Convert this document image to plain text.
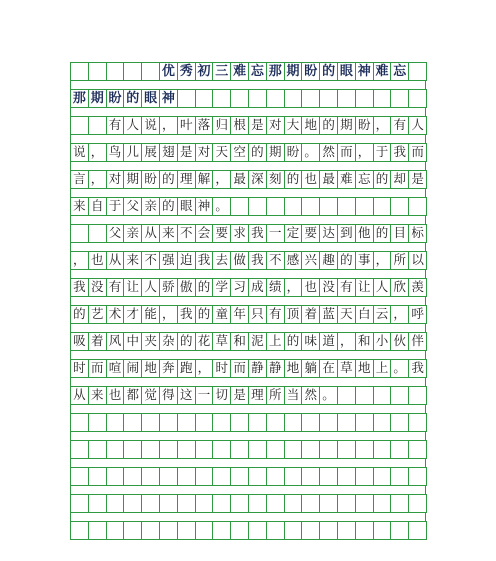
优 秀 初 三 难 忘 那 期 盼 的 眼 神 难 忘
那 期 盼 的 眼 神
有 人 说 ， 叶 落 归 根 是 对 大 地 的 期 盼 ， 有 人
说 ， 鸟 儿 展 翅 是 对 天 空 的 期 盼 。 然 而 ， 于 我 而
言 ， 对 期 盼 的 理 解 ， 最 深 刻 的 也 最 难 忘 的 却 是
来 自 于 父 亲 的 眼 神 。
父 亲 从 来 不 会 要 求 我 一 定 要 达 到 他 的 目 标
， 也 从 来 不 强 迫 我 去 做 我 不 感 兴 趣 的 事 ， 所 以
我 没 有 让 人 骄 傲 的 学 习 成 绩 ， 也 没 有 让 人 欣 羡
的 艺 术 才 能 ， 我 的 童 年 只 有 顶 着 蓝 天 白 云 ， 呼
吸 着 风 中 夹 杂 的 花 草 和 泥 上 的 味 道 ， 和 小 伙 伴
时 而 喧 闹 地 奔 跑 ， 时 而 静 静 地 躺 在 草 地 上 。 我
从 来 也 都 觉 得 这 一 切 是 理 所 当 然 。
